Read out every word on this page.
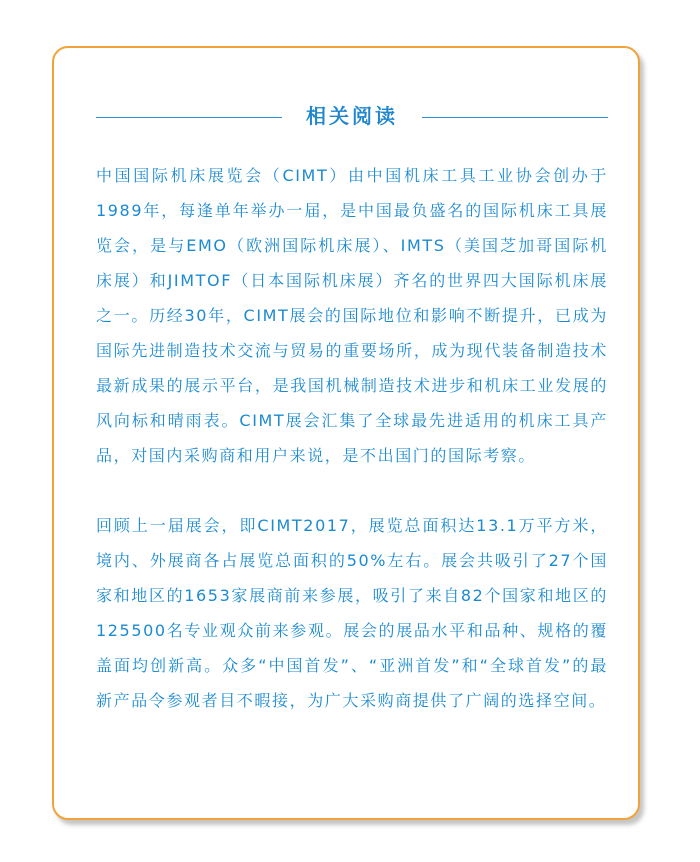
相关阅读

中国国际机床展览会（CIMT）由中国机床工具工业协会创办于1989年，每逢单年举办一届，是中国最负盛名的国际机床工具展览会，是与EMO（欧洲国际机床展）、IMTS（美国芝加哥国际机床展）和JIMTOF（日本国际机床展）齐名的世界四大国际机床展之一。历经30年，CIMT展会的国际地位和影响不断提升，已成为国际先进制造技术交流与贸易的重要场所，成为现代装备制造技术最新成果的展示平台，是我国机械制造技术进步和机床工业发展的风向标和晴雨表。CIMT展会汇集了全球最先进适用的机床工具产品，对国内采购商和用户来说，是不出国门的国际考察。

回顾上一届展会，即CIMT2017，展览总面积达13.1万平方米，境内、外展商各占展览总面积的50%左右。展会共吸引了27个国家和地区的1653家展商前来参展，吸引了来自82个国家和地区的125500名专业观众前来参观。展会的展品水平和品种、规格的覆盖面均创新高。众多“中国首发”、“亚洲首发”和“全球首发”的最新产品令参观者目不暇接，为广大采购商提供了广阔的选择空间。
